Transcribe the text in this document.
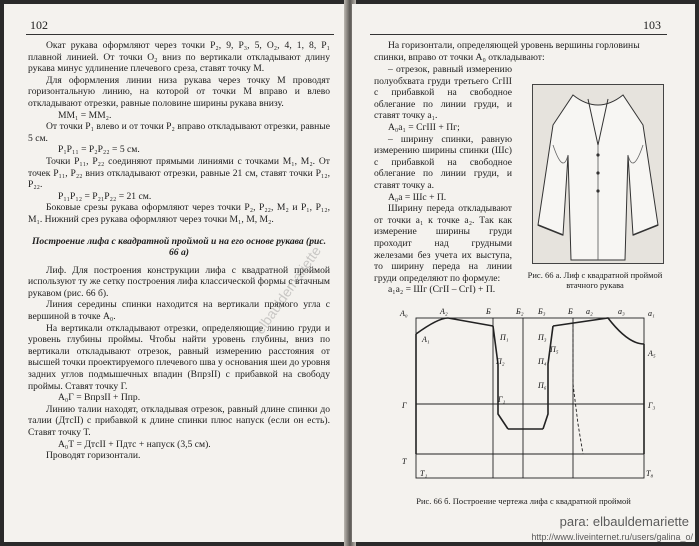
102

Окат рукава оформляют через точки Р₂, 9, Р₃, 5, О₂, 4, 1, 8, Р₁ плавной линией. От точки О₂ вниз по вертикали откладывают длину рукава минус удлинение плечевого среза, ставят точку М.

Для оформления линии низа рукава через точку М проводят горизонтальную линию, на которой от точки М вправо и влево откладывают отрезки, равные половине ширины рукава внизу.

ММ₁ = ММ₂.

От точки Р₁ влево и от точки Р₂ вправо откладывают отрезки, равные 5 см.

Р₁Р₁₁ = Р₂Р₂₂ = 5 см.

Точки Р₁₁, Р₂₂ соединяют прямыми линиями с точками М₁, М₂. От точек Р₁₁, Р₂₂ вниз откладывают отрезки, равные 21 см, ставят точки Р₁₂, Р₂₂.

Р₁₁Р₁₂ = Р₂₁Р₂₂ = 21 см.

Боковые срезы рукава оформляют через точки Р₂, Р₂₂, М₂ и Р₁, Р₁₂, М₁. Нижний срез рукава оформляют через точки М₁, М, М₂.

Построение лифа с квадратной проймой и на его основе рукава (рис. 66 а)

Лиф. Для построения конструкции лифа с квадратной проймой используют ту же сетку построения лифа классической формы с втачным рукавом (рис. 66 б).

Линия середины спинки находится на вертикали прямого угла с вершиной в точке А₀.

На вертикали откладывают отрезки, определяющие линию груди и уровень глубины проймы. Чтобы найти уровень глубины, вниз по вертикали откладывают отрезок, равный измерению расстояния от высшей точки проектируемого плечевого шва у основания шеи до уровня задних углов подмышечных впадин (ВпрзII) с прибавкой на свободу проймы. Ставят точку Г.

А₀Г = ВпрзII + Ппр.

Линию талии находят, откладывая отрезок, равный длине спинки до талии (ДтсII) с прибавкой к длине спинки плюс напуск (если он есть). Ставят точку Т.

А₀Т = ДтсII + Пдтс + напуск (3,5 см).

Проводят горизонтали.

103

На горизонтали, определяющей уровень вершины горловины спинки, вправо от точки А₀ откладывают:

– отрезок, равный измерению полуобхвата груди третьего СгIII с прибавкой на свободное облегание по линии груди, и ставят точку а₁.

А₀а₁ = СгIII + Пг;

– ширину спинки, равную измерению ширины спинки (Шс) с прибавкой на свободное облегание по линии груди, и ставят точку а.

А₀а = Шс + П.

Ширину переда откладывают от точки а₁ к точке а₂. Так как измерение ширины груди проходит над грудными железами без учета их выступа, то ширину переда на линии груди определяют по формуле:

а₁а₂ = Шг (СгII – СгI) + П.

Рис. 66 а. Лиф с квадратной проймой втачного рукава
A₀	A₂	Б	Б₂ Б₃	Б a₂	a₃	a₁
A₁
A₅
П₁
П₂
П₃
П₄
П₅
П₆
Г
Г₁
Г₃
T
T₁	T₈
Рис. 66 б. Построение чертежа лифа с квадратной проймой
elbauldemariette
para: elbauldemariette
http://www.liveinternet.ru/users/galina_o/
